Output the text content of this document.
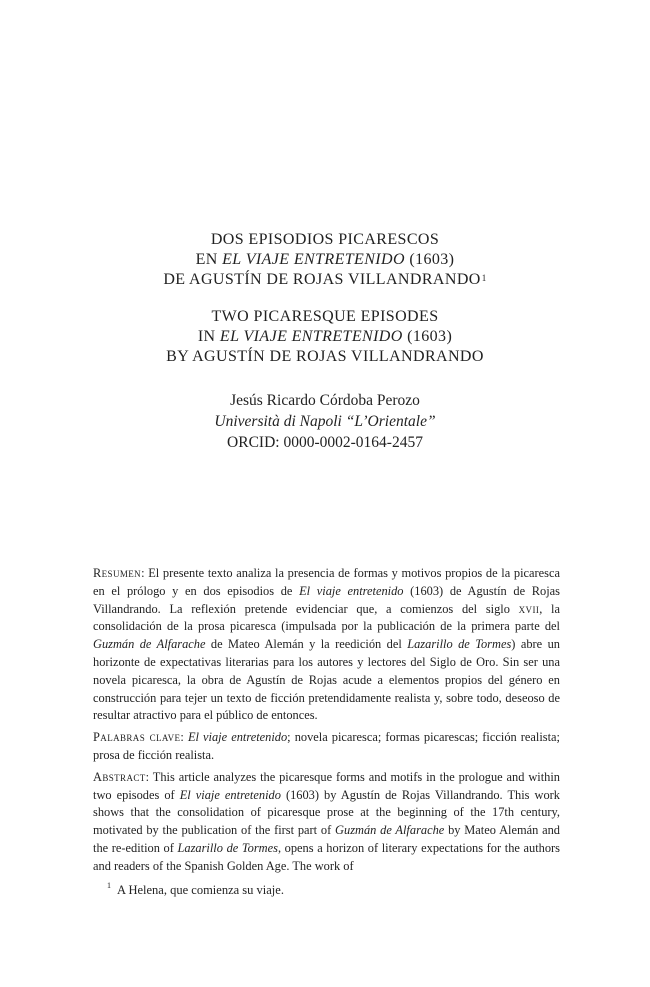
DOS EPISODIOS PICARESCOS
EN EL VIAJE ENTRETENIDO (1603)
DE AGUSTÍN DE ROJAS VILLANDRANDO$^1$
TWO PICARESQUE EPISODES
IN EL VIAJE ENTRETENIDO (1603)
BY AGUSTÍN DE ROJAS VILLANDRANDO
Jesús Ricardo Córdoba Perozo
Università di Napoli “L’Orientale”
ORCID: 0000-0002-0164-2457

Resumen: El presente texto analiza la presencia de formas y motivos propios de la picaresca en el prólogo y en dos episodios de El viaje entretenido (1603) de Agustín de Rojas Villandrando. La reflexión pretende evidenciar que, a comienzos del siglo xvii, la consolidación de la prosa picaresca (impulsada por la publicación de la primera parte del Guzmán de Alfarache de Mateo Alemán y la reedición del Lazarillo de Tormes) abre un horizonte de expectativas literarias para los autores y lectores del Siglo de Oro. Sin ser una novela picaresca, la obra de Agustín de Rojas acude a elementos propios del género en construcción para tejer un texto de ficción pretendidamente realista y, sobre todo, deseoso de resultar atractivo para el público de entonces.

Palabras clave: El viaje entretenido; novela picaresca; formas picarescas; ficción realista; prosa de ficción realista.

Abstract: This article analyzes the picaresque forms and motifs in the prologue and within two episodes of El viaje entretenido (1603) by Agustín de Rojas Villandrando. This work shows that the consolidation of picaresque prose at the beginning of the 17th century, motivated by the publication of the first part of Guzmán de Alfarache by Mateo Alemán and the re-edition of Lazarillo de Tormes, opens a horizon of literary expectations for the authors and readers of the Spanish Golden Age. The work of

$^1$ A Helena, que comienza su viaje.
